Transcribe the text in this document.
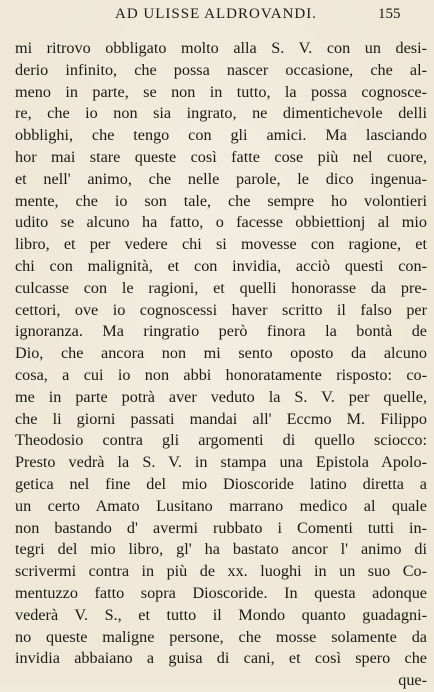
AD ULISSE ALDROVANDI.	155
mi ritrovo obbligato molto alla S. V. con un desi-
derio infinito, che possa nascer occasione, che al-
meno in parte, se non in tutto, la possa cognosce-
re, che io non sia ingrato, ne dimentichevole delli
obblighi, che tengo con gli amici. Ma lasciando
hor mai stare queste così fatte cose più nel cuore,
et nell' animo, che nelle parole, le dico ingenua-
mente, che io son tale, che sempre ho volontieri
udito se alcuno ha fatto, o facesse obbiettionj al mio
libro, et per vedere chi si movesse con ragione, et
chi con malignità, et con invidia, acciò questi con-
culcasse con le ragioni, et quelli honorasse da pre-
cettori, ove io cognoscessi haver scritto il falso per
ignoranza. Ma ringratio però finora la bontà de
Dio, che ancora non mi sento oposto da alcuno
cosa, a cui io non abbi honoratamente risposto: co-
me in parte potrà aver veduto la S. V. per quelle,
che li giorni passati mandai all' Eccmo M. Filippo
Theodosio contra gli argomenti di quello sciocco:
Presto vedrà la S. V. in stampa una Epistola Apolo-
getica nel fine del mio Dioscoride latino diretta a
un certo Amato Lusitano marrano medico al quale
non bastando d' avermi rubbato i Comenti tutti in-
tegri del mio libro, gl' ha bastato ancor l' animo di
scrivermi contra in più de xx. luoghi in un suo Co-
mentuzzo fatto sopra Dioscoride. In questa adonque
vederà V. S., et tutto il Mondo quanto guadagni-
no queste maligne persone, che mosse solamente da
invidia abbaiano a guisa di cani, et così spero che
que-
